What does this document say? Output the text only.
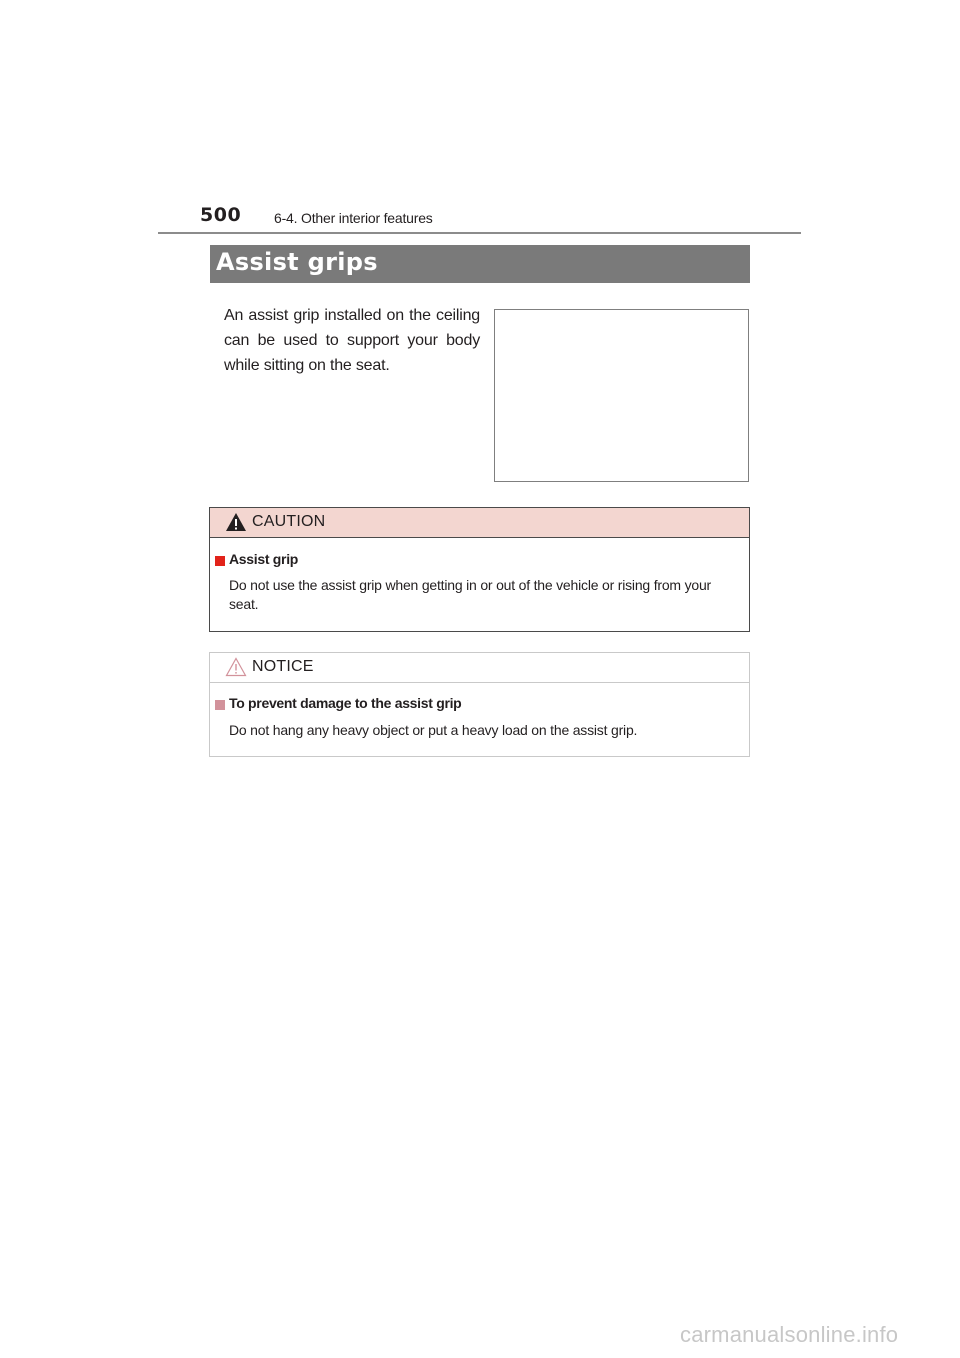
500 6-4. Other interior features
Assist grips
An assist grip installed on the ceiling can be used to support your body while sitting on the seat.
CAUTION
Assist grip
Do not use the assist grip when getting in or out of the vehicle or rising from your seat.
NOTICE
To prevent damage to the assist grip
Do not hang any heavy object or put a heavy load on the assist grip.
carmanualsonline.info
